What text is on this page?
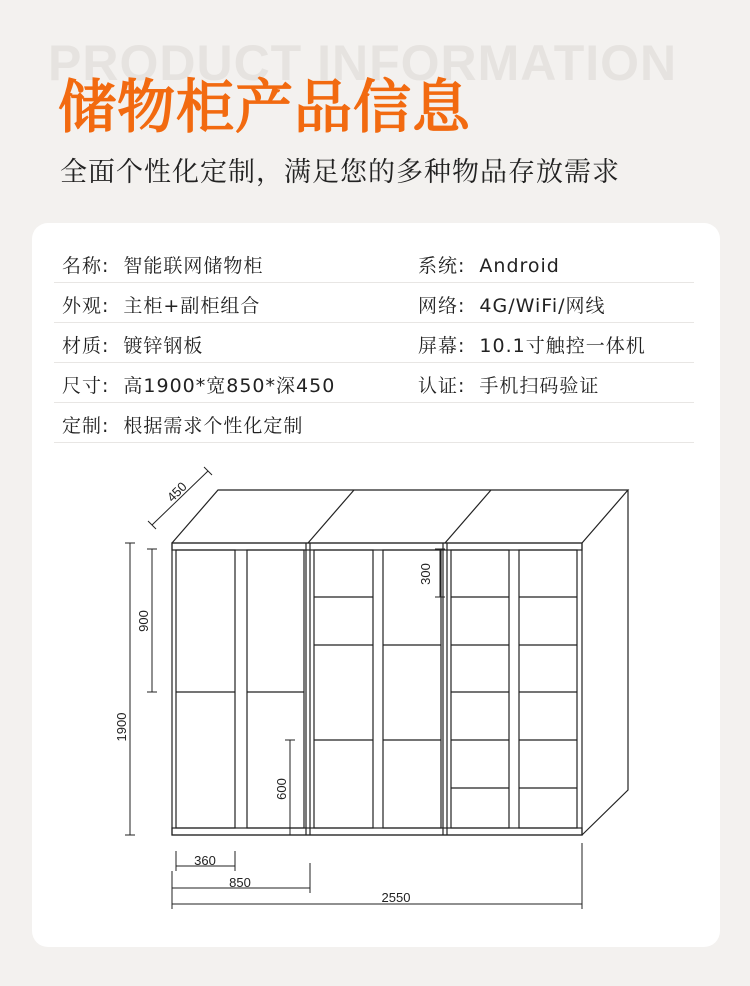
PRODUCT INFORMATION
储物柜产品信息
全面个性化定制，满足您的多种物品存放需求
名称: 智能联网储物柜	系统: Android
外观: 主柜+副柜组合	网络: 4G/WiFi/网线
材质: 镀锌钢板	屏幕: 10.1寸触控一体机
尺寸: 高1900*宽850*深450	认证: 手机扫码验证
定制: 根据需求个性化定制
450
300
900
1900
600
360
850
2550
